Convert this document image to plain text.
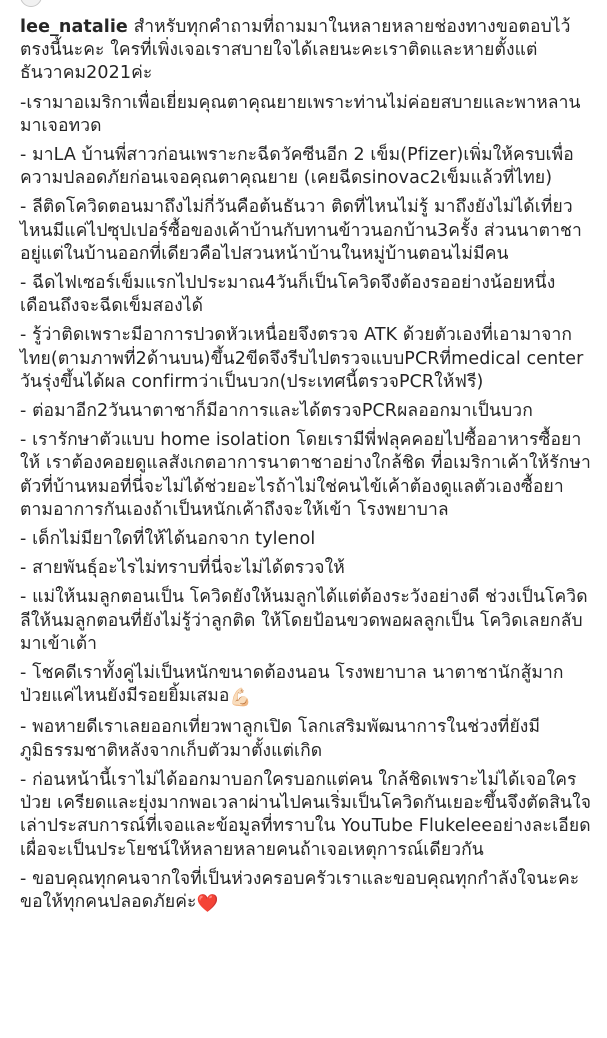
lee_natalie สำหรับทุกคำถามที่ถามมาในหลายหลายช่องทางขอตอบไว้ตรงนี้นะคะ ใครที่เพิ่งเจอเราสบายใจได้เลยนะคะเราติดและหายตั้งแต่ธันวาคม2021ค่ะ

-เรามาอเมริกาเพื่อเยี่ยมคุณตาคุณยายเพราะท่านไม่ค่อยสบายและพาหลานมาเจอทวด

- มาLA บ้านพี่สาวก่อนเพราะกะฉีดวัคซีนอีก 2 เข็ม(Pfizer)เพิ่มให้ครบเพื่อความปลอดภัยก่อนเจอคุณตาคุณยาย (เคยฉีดsinovac2เข็มแล้วที่ไทย)

- ลีติดโควิดตอนมาถึงไม่กี่วันคือต้นธันวา ติดที่ไหนไม่รู้ มาถึงยังไม่ได้เที่ยวไหนมีแค่ไปซุปเปอร์ซื้อของเค้าบ้านกับทานข้าวนอกบ้าน3ครั้ง ส่วนนาตาชาอยู่แต่ในบ้านออกที่เดียวคือไปสวนหน้าบ้านในหมู่บ้านตอนไม่มีคน

- ฉีดไฟเซอร์เข็มแรกไปประมาณ4วันก็เป็นโควิดจึงต้องรออย่างน้อยหนึ่งเดือนถึงจะฉีดเข็มสองได้

- รู้ว่าติดเพราะมีอาการปวดหัวเหนื่อยจึงตรวจ ATK ด้วยตัวเองที่เอามาจากไทย(ตามภาพที่2ด้านบน)ขึ้น2ขีดจึงรีบไปตรวจแบบPCRที่medical center วันรุ่งขึ้นได้ผล confirmว่าเป็นบวก(ประเทศนี้ตรวจPCRให้ฟรี)

- ต่อมาอีก2วันนาตาชาก็มีอาการและได้ตรวจPCRผลออกมาเป็นบวก

- เรารักษาตัวแบบ home isolation โดยเรามีพี่ฟลุคคอยไปซื้ออาหารซื้อยาให้ เราต้องคอยดูแลสังเกตอาการนาตาชาอย่างใกล้ชิด ที่อเมริกาเค้าให้รักษาตัวที่บ้านหมอที่นี่จะไม่ได้ช่วยอะไรถ้าไม่ใช่คนไข้เค้าต้องดูแลตัวเองซื้อยาตามอาการกันเองถ้าเป็นหนักเค้าถึงจะให้เข้า โรงพยาบาล

- เด็กไม่มียาใดที่ให้ได้นอกจาก tylenol

- สายพันธุ์อะไรไม่ทราบที่นี่จะไม่ได้ตรวจให้

- แม่ให้นมลูกตอนเป็น โควิดยังให้นมลูกได้แต่ต้องระวังอย่างดี ช่วงเป็นโควิดลีให้นมลูกตอนที่ยังไม่รู้ว่าลูกติด ให้โดยป้อนขวดพอผลลูกเป็น โควิดเลยกลับมาเข้าเต้า

- โชคดีเราทั้งคู่ไม่เป็นหนักขนาดต้องนอน โรงพยาบาล นาตาชานักสู้มากป่วยแค่ไหนยังมีรอยยิ้มเสมอ💪🏻

- พอหายดีเราเลยออกเที่ยวพาลูกเปิด โลกเสริมพัฒนาการในช่วงที่ยังมีภูมิธรรมชาติหลังจากเก็บตัวมาตั้งแต่เกิด

- ก่อนหน้านี้เราไม่ได้ออกมาบอกใครบอกแต่คน ใกล้ชิดเพราะไม่ได้เจอใครป่วย เครียดและยุ่งมากพอเวลาผ่านไปคนเริ่มเป็นโควิดกันเยอะขึ้นจึงตัดสินใจเล่าประสบการณ์ที่เจอและข้อมูลที่ทราบใน YouTube Flukeleeอย่างละเอียดเผื่อจะเป็นประโยชน์ให้หลายหลายคนถ้าเจอเหตุการณ์เดียวกัน

- ขอบคุณทุกคนจากใจที่เป็นห่วงครอบครัวเราและขอบคุณทุกกำลังใจนะคะขอให้ทุกคนปลอดภัยค่ะ❤️
